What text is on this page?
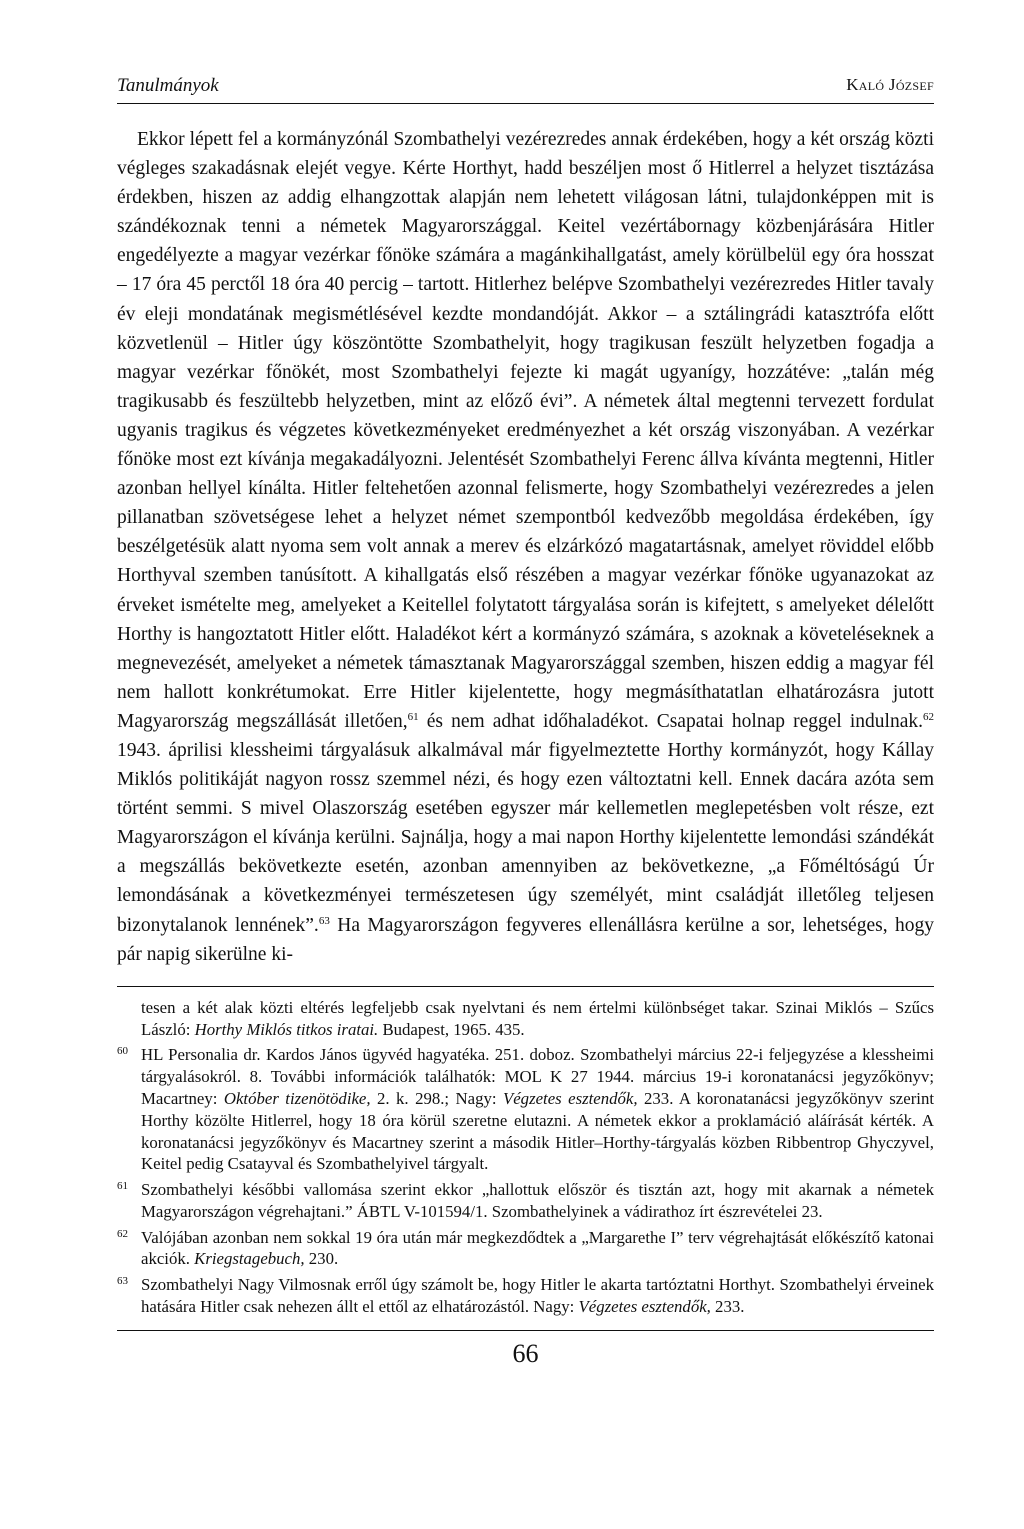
Tanulmányok	Kaló József

Ekkor lépett fel a kormányzónál Szombathelyi vezérezredes annak érdekében, hogy a két ország közti végleges szakadásnak elejét vegye. Kérte Horthyt, hadd beszéljen most ő Hitlerrel a helyzet tisztázása érdekben, hiszen az addig elhangzottak alapján nem lehetett világosan látni, tulajdonképpen mit is szándékoznak tenni a németek Magyarországgal. Keitel vezértábornagy közbenjárására Hitler engedélyezte a magyar vezérkar főnöke számára a magánkihallgatást, amely körülbelül egy óra hosszat – 17 óra 45 perctől 18 óra 40 percig – tartott. Hitlerhez belépve Szombathelyi vezérezredes Hitler tavaly év eleji mondatának megismétlésével kezdte mondandóját. Akkor – a sztálingrádi katasztrófa előtt közvetlenül – Hitler úgy köszöntötte Szombathelyit, hogy tragikusan feszült helyzetben fogadja a magyar vezérkar főnökét, most Szombathelyi fejezte ki magát ugyanígy, hozzátéve: „talán még tragikusabb és feszültebb helyzetben, mint az előző évi”. A németek által megtenni tervezett fordulat ugyanis tragikus és végzetes következményeket eredményezhet a két ország viszonyában. A vezérkar főnöke most ezt kívánja megakadályozni. Jelentését Szombathelyi Ferenc állva kívánta megtenni, Hitler azonban hellyel kínálta. Hitler feltehetően azonnal felismerte, hogy Szombathelyi vezérezredes a jelen pillanatban szövetségese lehet a helyzet német szempontból kedvezőbb megoldása érdekében, így beszélgetésük alatt nyoma sem volt annak a merev és elzárkózó magatartásnak, amelyet röviddel előbb Horthyval szemben tanúsított. A kihallgatás első részében a magyar vezérkar főnöke ugyanazokat az érveket ismételte meg, amelyeket a Keitellel folytatott tárgyalása során is kifejtett, s amelyeket délelőtt Horthy is hangoztatott Hitler előtt. Haladékot kért a kormányzó számára, s azoknak a követeléseknek a megnevezését, amelyeket a németek támasztanak Magyarországgal szemben, hiszen eddig a magyar fél nem hallott konkrétumokat. Erre Hitler kijelentette, hogy megmásíthatatlan elhatározásra jutott Magyarország megszállását illetően,$^{61}$ és nem adhat időhaladékot. Csapatai holnap reggel indulnak.$^{62}$ 1943. áprilisi klessheimi tárgyalásuk alkalmával már figyelmeztette Horthy kormányzót, hogy Kállay Miklós politikáját nagyon rossz szemmel nézi, és hogy ezen változtatni kell. Ennek dacára azóta sem történt semmi. S mivel Olaszország esetében egyszer már kellemetlen meglepetésben volt része, ezt Magyarországon el kívánja kerülni. Sajnálja, hogy a mai napon Horthy kijelentette lemondási szándékát a megszállás bekövetkezte esetén, azonban amennyiben az bekövetkezne, „a Főméltóságú Úr lemondásának a következményei természetesen úgy személyét, mint családját illetőleg teljesen bizonytalanok lennének”.$^{63}$ Ha Magyarországon fegyveres ellenállásra kerülne a sor, lehetséges, hogy pár napig sikerülne ki-

tesen a két alak közti eltérés legfeljebb csak nyelvtani és nem értelmi különbséget takar. Szinai Miklós – Szűcs László: Horthy Miklós titkos iratai. Budapest, 1965. 435.
60 HL Personalia dr. Kardos János ügyvéd hagyatéka. 251. doboz. Szombathelyi március 22-i feljegyzése a klessheimi tárgyalásokról. 8. További információk találhatók: MOL K 27 1944. március 19-i koronatanácsi jegyzőkönyv; Macartney: Október tizenötödike, 2. k. 298.; Nagy: Végzetes esztendők, 233. A koronatanácsi jegyzőkönyv szerint Horthy közölte Hitlerrel, hogy 18 óra körül szeretne elutazni. A németek ekkor a proklamáció aláírását kérték. A koronatanácsi jegyzőkönyv és Macartney szerint a második Hitler–Horthy-tárgyalás közben Ribbentrop Ghyczyvel, Keitel pedig Csatayval és Szombathelyivel tárgyalt.
61 Szombathelyi későbbi vallomása szerint ekkor „hallottuk először és tisztán azt, hogy mit akarnak a németek Magyarországon végrehajtani.” ÁBTL V-101594/1. Szombathelyinek a vádirathoz írt észrevételei 23.
62 Valójában azonban nem sokkal 19 óra után már megkezdődtek a „Margarethe I” terv végrehajtását előkészítő katonai akciók. Kriegstagebuch, 230.
63 Szombathelyi Nagy Vilmosnak erről úgy számolt be, hogy Hitler le akarta tartóztatni Horthyt. Szombathelyi érveinek hatására Hitler csak nehezen állt el ettől az elhatározástól. Nagy: Végzetes esztendők, 233.
66
